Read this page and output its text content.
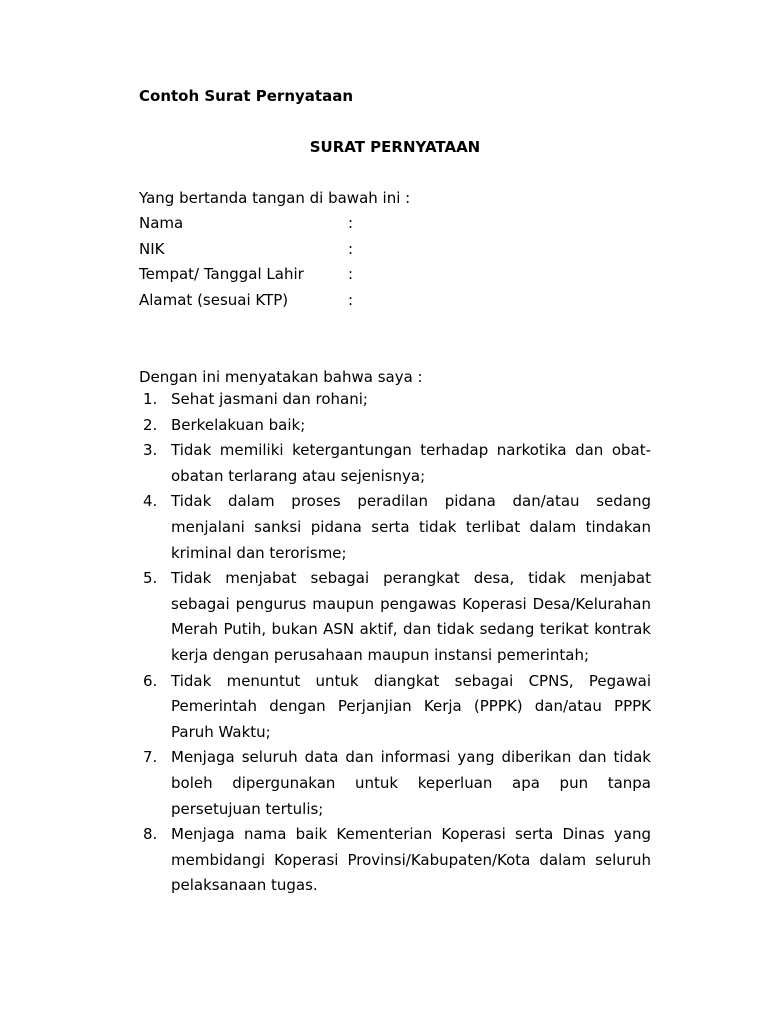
Contoh Surat Pernyataan
SURAT PERNYATAAN
Yang bertanda tangan di bawah ini :
Nama	:
NIK	:
Tempat/ Tanggal Lahir	:
Alamat (sesuai KTP)	:
Dengan ini menyatakan bahwa saya :
1. Sehat jasmani dan rohani;
2. Berkelakuan baik;
3. Tidak memiliki ketergantungan terhadap narkotika dan obat-obatan terlarang atau sejenisnya;
4. Tidak dalam proses peradilan pidana dan/atau sedang menjalani sanksi pidana serta tidak terlibat dalam tindakan kriminal dan terorisme;
5. Tidak menjabat sebagai perangkat desa, tidak menjabat sebagai pengurus maupun pengawas Koperasi Desa/Kelurahan Merah Putih, bukan ASN aktif, dan tidak sedang terikat kontrak kerja dengan perusahaan maupun instansi pemerintah;
6. Tidak menuntut untuk diangkat sebagai CPNS, Pegawai Pemerintah dengan Perjanjian Kerja (PPPK) dan/atau PPPK Paruh Waktu;
7. Menjaga seluruh data dan informasi yang diberikan dan tidak boleh dipergunakan untuk keperluan apa pun tanpa persetujuan tertulis;
8. Menjaga nama baik Kementerian Koperasi serta Dinas yang membidangi Koperasi Provinsi/Kabupaten/Kota dalam seluruh pelaksanaan tugas.
